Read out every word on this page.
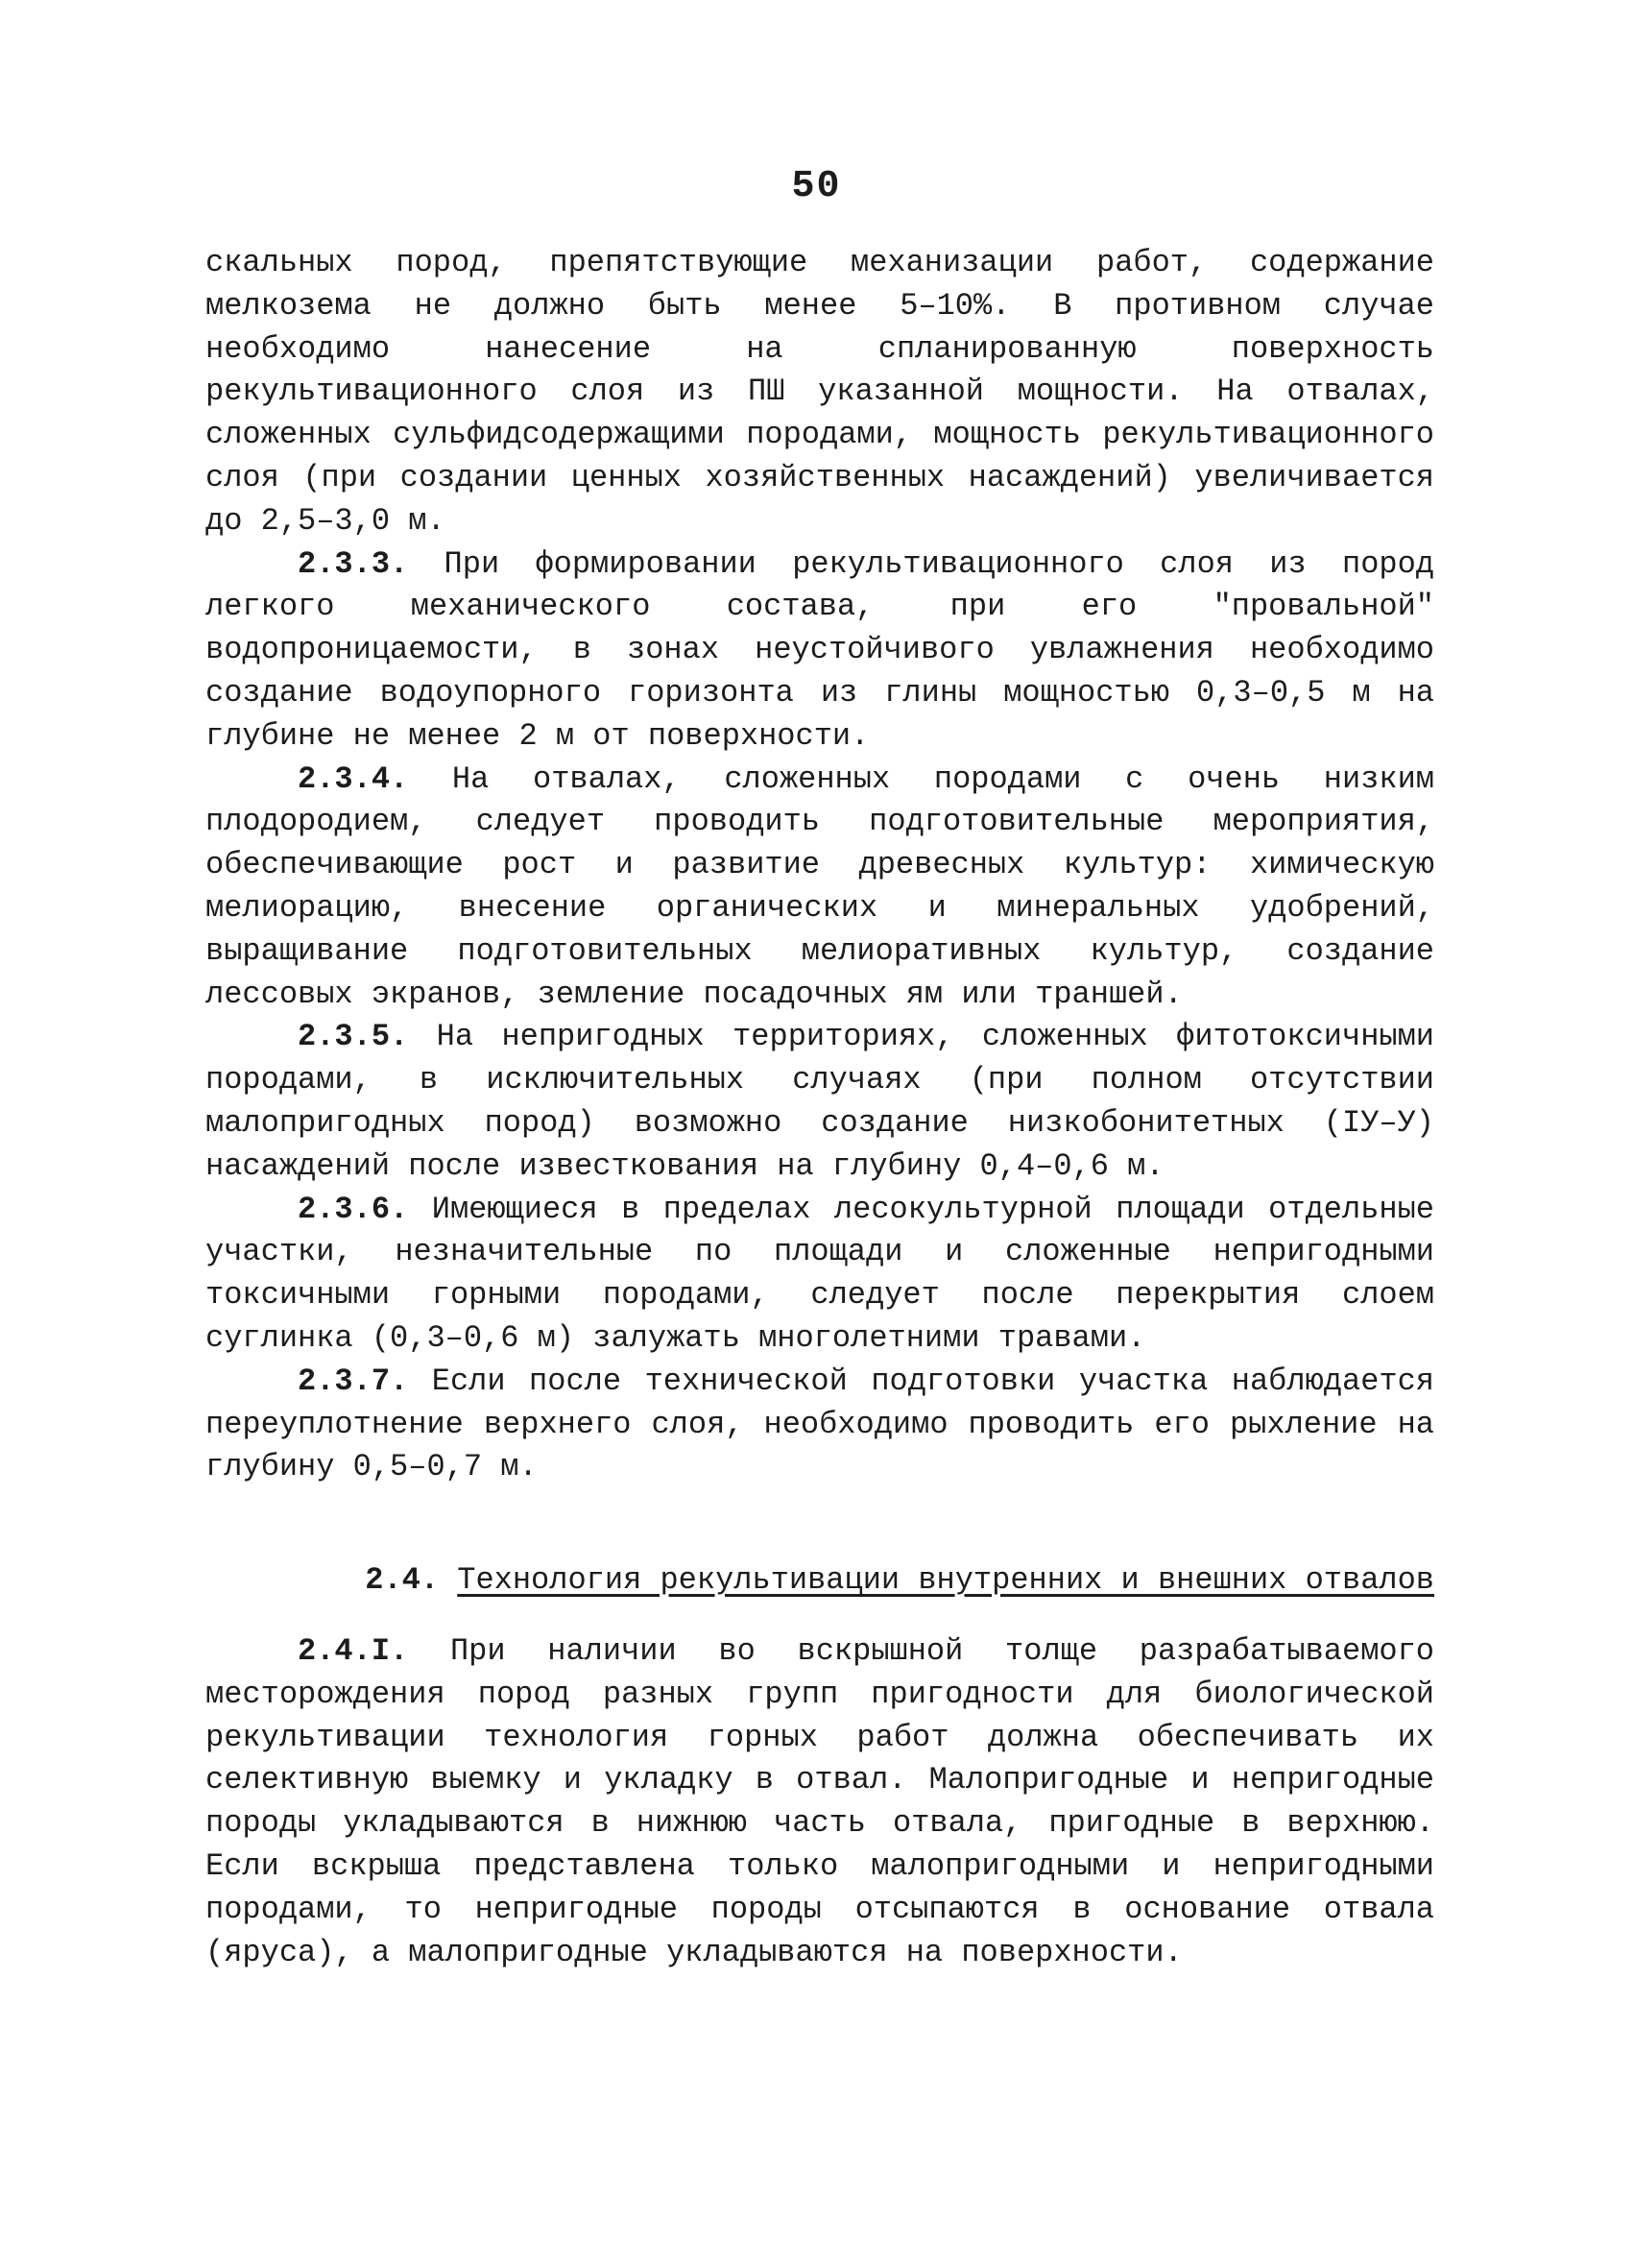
50

скальных пород, препятствующие механизации работ, содержание мелкозема не должно быть менее 5–10%. В противном случае необходимо нанесение на спланированную поверхность рекультивационного слоя из ПШ указанной мощности. На отвалах, сложенных сульфидсодержащими породами, мощность рекультивационного слоя (при создании ценных хозяйственных насаждений) увеличивается до 2,5–3,0 м.

2.3.3. При формировании рекультивационного слоя из пород легкого механического состава, при его "провальной" водопроницаемости, в зонах неустойчивого увлажнения необходимо создание водоупорного горизонта из глины мощностью 0,3–0,5 м на глубине не менее 2 м от поверхности.

2.3.4. На отвалах, сложенных породами с очень низким плодородием, следует проводить подготовительные мероприятия, обеспечивающие рост и развитие древесных культур: химическую мелиорацию, внесение органических и минеральных удобрений, выращивание подготовительных мелиоративных культур, создание лессовых экранов, земление посадочных ям или траншей.

2.3.5. На непригодных территориях, сложенных фитотоксичными породами, в исключительных случаях (при полном отсутствии малопригодных пород) возможно создание низкобонитетных (IУ–У) насаждений после известкования на глубину 0,4–0,6 м.

2.3.6. Имеющиеся в пределах лесокультурной площади отдельные участки, незначительные по площади и сложенные непригодными токсичными горными породами, следует после перекрытия слоем суглинка (0,3–0,6 м) залужать многолетними травами.

2.3.7. Если после технической подготовки участка наблюдается переуплотнение верхнего слоя, необходимо проводить его рыхление на глубину 0,5–0,7 м.

2.4. Технология рекультивации внутренних и внешних отвалов

2.4.I. При наличии во вскрышной толще разрабатываемого месторождения пород разных групп пригодности для биологической рекультивации технология горных работ должна обеспечивать их селективную выемку и укладку в отвал. Малопригодные и непригодные породы укладываются в нижнюю часть отвала, пригодные в верхнюю. Если вскрыша представлена только малопригодными и непригодными породами, то непригодные породы отсыпаются в основание отвала (яруса), а малопригодные укладываются на поверхности.
